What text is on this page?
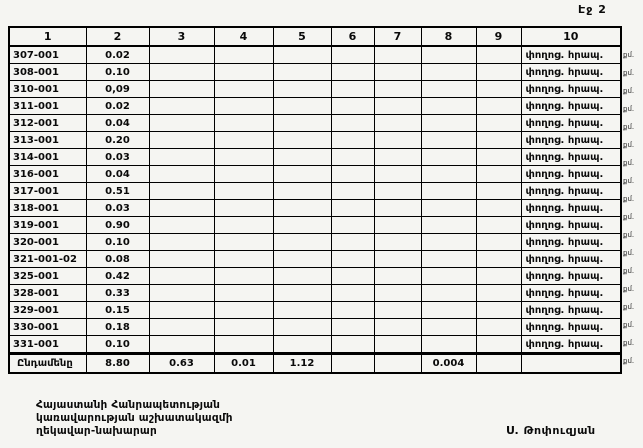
Էջ 2
1	2	3	4	5	6	7	8	9	10
307-001	0.02								փողոց. հրապ.
308-001	0.10								փողոց. հրապ.
310-001	0,09								փողոց. հրապ.
311-001	0.02								փողոց. հրապ.
312-001	0.04								փողոց. հրապ.
313-001	0.20								փողոց. հրապ.
314-001	0.03								փողոց. հրապ.
316-001	0.04								փողոց. հրապ.
317-001	0.51								փողոց. հրապ.
318-001	0.03								փողոց. հրապ.
319-001	0.90								փողոց. հրապ.
320-001	0.10								փողոց. հրապ.
321-001-02	0.08								փողոց. հրապ.
325-001	0.42								փողոց. հրապ.
328-001	0.33								փողոց. հրապ.
329-001	0.15								փողոց. հրապ.
330-001	0.18								փողոց. հրապ.
331-001	0.10								փողոց. հրապ.
Ընդամենը	8.80	0.63	0.01	1.12			0.004		
քմ.
քմ.
քմ.
քմ.
քմ.
քմ.
քմ.
քմ.
քմ.
քմ.
քմ.
քմ.
քմ.
քմ.
քմ.
քմ.
քմ.
քմ.
Հայաստանի Հանրապետության
կառավարության աշխատակազմի
ղեկավար-նախարար	Ս. Թոփուզյան
